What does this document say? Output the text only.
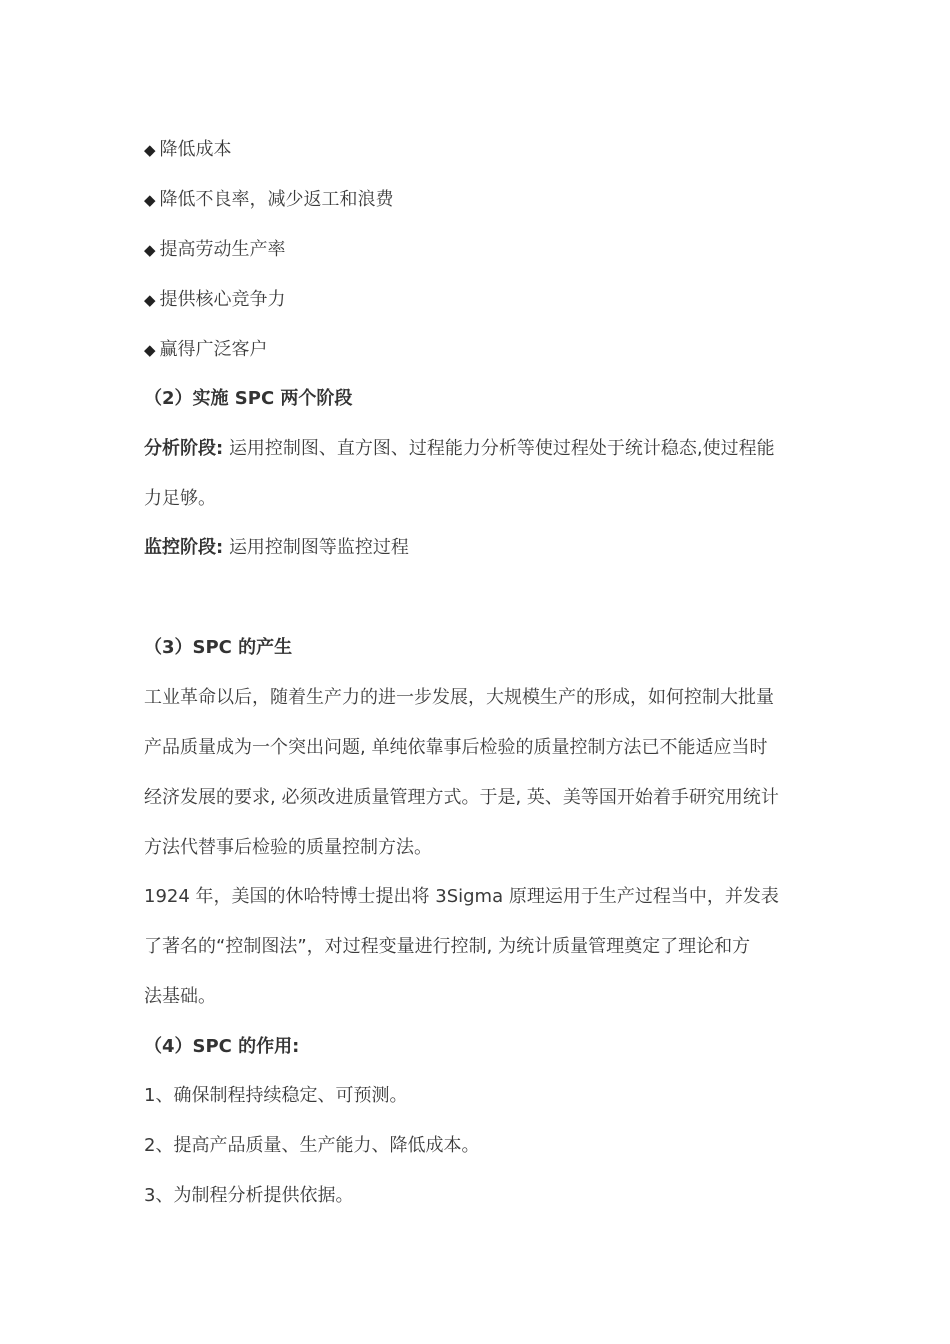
◆ 降低成本
◆ 降低不良率，减少返工和浪费
◆ 提高劳动生产率
◆ 提供核心竞争力
◆ 赢得广泛客户
（2）实施 SPC 两个阶段
分析阶段: 运用控制图、直方图、过程能力分析等使过程处于统计稳态,使过程能
力足够。
监控阶段: 运用控制图等监控过程
（3）SPC 的产生
工业革命以后，随着生产力的进一步发展，大规模生产的形成，如何控制大批量
产品质量成为一个突出问题, 单纯依靠事后检验的质量控制方法已不能适应当时
经济发展的要求, 必须改进质量管理方式。于是, 英、美等国开始着手研究用统计
方法代替事后检验的质量控制方法。
1924 年，美国的休哈特博士提出将 3Sigma 原理运用于生产过程当中，并发表
了著名的“控制图法”，对过程变量进行控制, 为统计质量管理奠定了理论和方
法基础。
（4）SPC 的作用:
1、确保制程持续稳定、可预测。
2、提高产品质量、生产能力、降低成本。
3、为制程分析提供依据。
